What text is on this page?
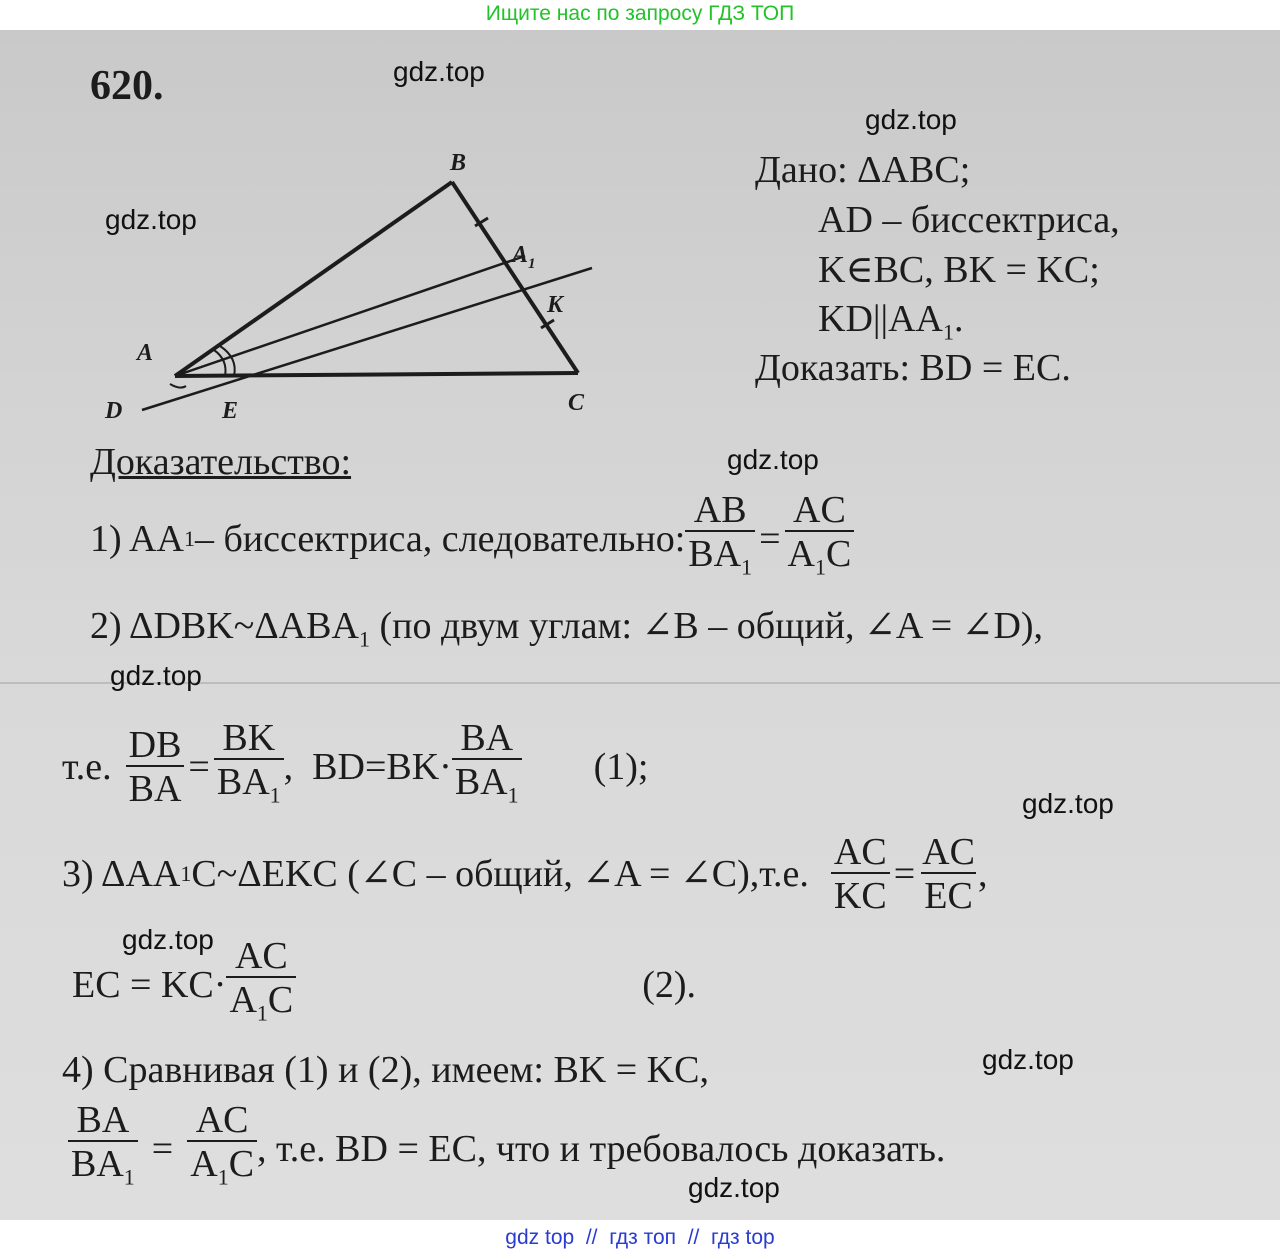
Ищите нас по запросу ГДЗ ТОП
620.	gdz.top
gdz.top
gdz.top
gdz.top
gdz.top
gdz.top
gdz.top
gdz.top
gdz.top
B
$A_1$
K
A
D	E	C
Дано: ΔABC;
AD – биссектриса,
K∈BC, BK = KC;
$KD||AA_1$.
Доказать: BD = EC.
Доказательство:
1) AA 1 – биссектриса, следовательно: $\frac{AB}{BA_1} = \frac{AC}{A_1C}$
2) $\Delta DBK\sim\Delta ABA_1$ (по двум углам: ∠B – общий, ∠A = ∠D),
т.е. $\frac{DB}{BA} = \frac{BK}{BA_1}$ ,  $BD=BK\cdot \frac{BA}{BA_1} (1)$;
3) ΔAA 1 C~ΔEKC (∠C – общий, ∠A = ∠C),т.е. $\frac{AC}{KC} = \frac{AC}{EC}$ ,
EC = $KC\cdot \frac{AC}{A_1C}$	(2).
4) Сравнивая (1) и (2), имеем: BK = KC,
$\frac{BA}{BA_1} = \frac{AC}{A_1C}$ , т.е. BD = EC, что и требовалось доказать.
gdz top  //  гдз топ  //  гдз top
